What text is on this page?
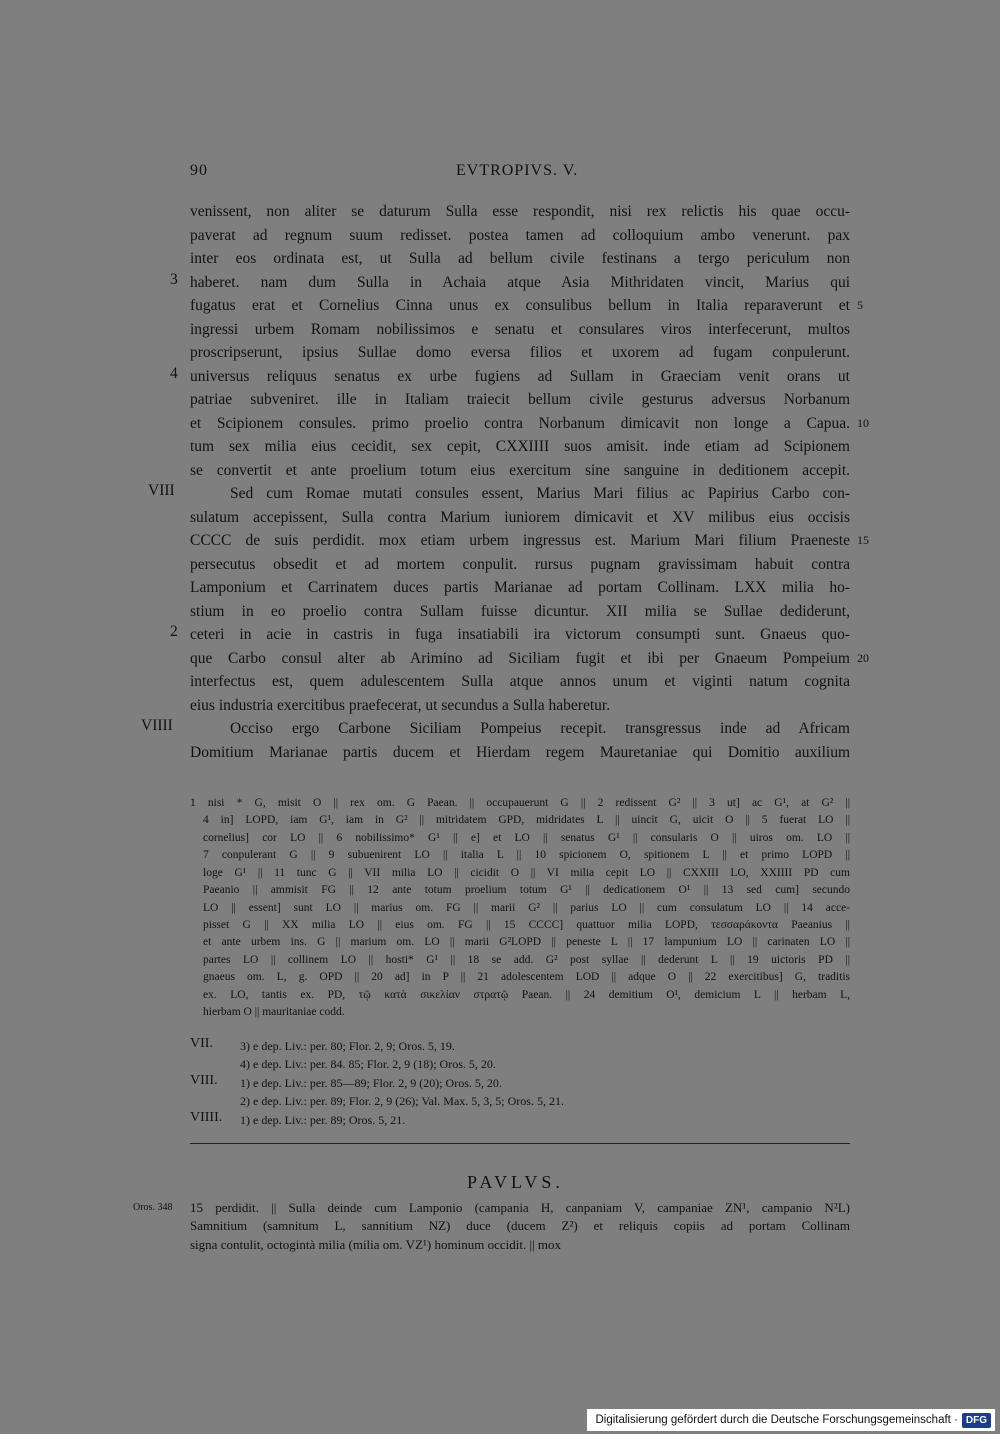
90	EVTROPIVS. V.
venissent, non aliter se daturum Sulla esse respondit, nisi rex relictis his quae occu-
paverat ad regnum suum redisset. postea tamen ad colloquium ambo venerunt. pax
inter eos ordinata est, ut Sulla ad bellum civile festinans a tergo periculum non
haberet. nam dum Sulla in Achaia atque Asia Mithridaten vincit, Marius qui
fugatus erat et Cornelius Cinna unus ex consulibus bellum in Italia reparaverunt et
ingressi urbem Romam nobilissimos e senatu et consulares viros interfecerunt, multos
proscripserunt, ipsius Sullae domo eversa filios et uxorem ad fugam conpulerunt.
universus reliquus senatus ex urbe fugiens ad Sullam in Graeciam venit orans ut
patriae subveniret. ille in Italiam traiecit bellum civile gesturus adversus Norbanum
et Scipionem consules. primo proelio contra Norbanum dimicavit non longe a Capua.
tum sex milia eius cecidit, sex cepit, CXXIIII suos amisit. inde etiam ad Scipionem
se convertit et ante proelium totum eius exercitum sine sanguine in deditionem accepit.
Sed cum Romae mutati consules essent, Marius Mari filius ac Papirius Carbo con-
sulatum accepissent, Sulla contra Marium iuniorem dimicavit et XV milibus eius occisis
CCCC de suis perdidit. mox etiam urbem ingressus est. Marium Mari filium Praeneste
persecutus obsedit et ad mortem conpulit. rursus pugnam gravissimam habuit contra
Lamponium et Carrinatem duces partis Marianae ad portam Collinam. LXX milia ho-
stium in eo proelio contra Sullam fuisse dicuntur. XII milia se Sullae dediderunt,
ceteri in acie in castris in fuga insatiabili ira victorum consumpti sunt. Gnaeus quo-
que Carbo consul alter ab Arimino ad Siciliam fugit et ibi per Gnaeum Pompeium
interfectus est, quem adulescentem Sulla atque annos unum et viginti natum cognita
eius industria exercitibus praefecerat, ut secundus a Sulla haberetur.
Occiso ergo Carbone Siciliam Pompeius recepit. transgressus inde ad Africam
Domitium Marianae partis ducem et Hierdam regem Mauretaniae qui Domitio auxilium
3
4
VIII
2
VIIII
5
10
15
20
1 nisi * G, misit O || rex om. G Paean. || occupauerunt G || 2 redissent G² || 3 ut] ac G¹, at G² ||
4 in] LOPD, iam G¹, iam in G² || mitridatem GPD, midridates L || uincit G, uicit O || 5 fuerat LO ||
cornelius] cor LO || 6 nobilissimo* G¹ || e] et LO || senatus G¹ || consularis O || uiros om. LO ||
7 conpulerant G || 9 subuenirent LO || italia L || 10 spicionem O, spitionem L || et primo LOPD ||
loge G¹ || 11 tunc G || VII milia LO || cicidit O || VI milia cepit LO || CXXIII LO, XXIIII PD cum
Paeanio || ammisit FG || 12 ante totum proelium totum G¹ || dedicationem O¹ || 13 sed cum] secundo
LO || essent] sunt LO || marius om. FG || marii G² || parius LO || cum consulatum LO || 14 acce-
pisset G || XX milia LO || eius om. FG || 15 CCCC] quattuor milia LOPD, τεσσαράκοντα Paeanius ||
et ante urbem ins. G || marium om. LO || marii G²LOPD || peneste L || 17 lampunium LO || carinaten LO ||
partes LO || collinem LO || hosti* G¹ || 18 se add. G² post syllae || dederunt L || 19 uictoris PD ||
gnaeus om. L, g. OPD || 20 ad] in P || 21 adolescentem LOD || adque O || 22 exercitibus] G, traditis
ex. LO, tantis ex. PD, τῷ κατὰ σικελίαν στρατῷ Paean. || 24 demitium O¹, demicium L || herbam L,
hierbam O || mauritaniae codd.
VII. 3) e dep. Liv.: per. 80; Flor. 2, 9; Oros. 5, 19.
4) e dep. Liv.: per. 84. 85; Flor. 2, 9 (18); Oros. 5, 20.
VIII. 1) e dep. Liv.: per. 85—89; Flor. 2, 9 (20); Oros. 5, 20.
2) e dep. Liv.: per. 89; Flor. 2, 9 (26); Val. Max. 5, 3, 5; Oros. 5, 21.
VIIII. 1) e dep. Liv.: per. 89; Oros. 5, 21.
PAVLVS.
Oros. 348 15 perdidit. || Sulla deinde cum Lamponio (campania H, canpaniam V, campaniae ZN¹, campanio N²L)
Samnitium (samnitum L, sannitium NZ) duce (ducem Z²) et reliquis copiis ad portam Collinam
signa contulit, octogintà milia (milia om. VZ¹) hominum occidit. || mox
Digitalisierung gefördert durch die Deutsche Forschungsgemeinschaft · DFG
